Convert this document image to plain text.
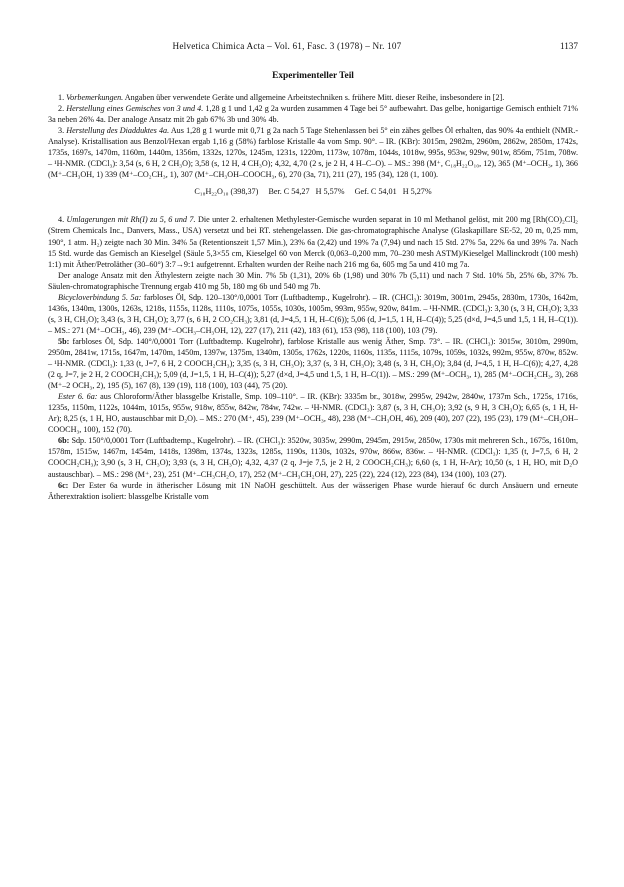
Helvetica Chimica Acta – Vol. 61, Fasc. 3 (1978) – Nr. 107	1137
Experimenteller Teil

1. Vorbemerkungen. Angaben über verwendete Geräte und allgemeine Arbeitstechniken s. frühere Mitt. dieser Reihe, insbesondere in [2].

2. Herstellung eines Gemisches von 3 und 4. 1,28 g 1 und 1,42 g 2a wurden zusammen 4 Tage bei 5° aufbewahrt. Das gelbe, honigartige Gemisch enthielt 71% 3a neben 26% 4a. Der analoge Ansatz mit 2b gab 67% 3b und 30% 4b.

3. Herstellung des Diadduktes 4a. Aus 1,28 g 1 wurde mit 0,71 g 2a nach 5 Tage Stehenlassen bei 5° ein zähes gelbes Öl erhalten, das 90% 4a enthielt (NMR.-Analyse). Kristallisation aus Benzol/Hexan ergab 1,16 g (58%) farblose Kristalle 4a vom Smp. 90°. – IR. (KBr): 3015m, 2982m, 2960m, 2862w, 2850m, 1742s, 1735s, 1697s, 1470m, 1160m, 1440m, 1356m, 1332s, 1270s, 1245m, 1231s, 1220m, 1173w, 1078m, 1044s, 1018w, 995s, 953w, 929w, 901w, 856m, 751m, 708w. – ¹H-NMR. (CDCl₃): 3,54 (s, 6 H, 2 CH₃O); 3,58 (s, 12 H, 4 CH₃O); 4,32, 4,70 (2 s, je 2 H, 4 H–C–O). – MS.: 398 (M⁺, C₁₈H₂₂O₁₀, 12), 365 (M⁺–OCH₃, 1), 366 (M⁺–CH₃OH, 1) 339 (M⁺–CO₂CH₃, 1), 307 (M⁺–CH₃OH–COOCH₃, 6), 270 (3a, 71), 211 (27), 195 (34), 128 (1, 100).

C₁₈H₂₂O₁₀ (398,37)     Ber. C 54,27   H 5,57%     Gef. C 54,01   H 5,27%

4. Umlagerungen mit Rh(I) zu 5, 6 und 7. Die unter 2. erhaltenen Methylester-Gemische wurden separat in 10 ml Methanol gelöst, mit 200 mg [Rh(CO)₂Cl]₂ (Strem Chemicals Inc., Danvers, Mass., USA) versetzt und bei RT. stehengelassen. Die gas-chromatographische Analyse (Glaskapillare SE-52, 20 m, 0,25 mm, 190°, 1 atm. H₂) zeigte nach 30 Min. 34% 5a (Retentionszeit 1,57 Min.), 23% 6a (2,42) und 19% 7a (7,94) und nach 15 Std. 27% 5a, 22% 6a und 39% 7a. Nach 15 Std. wurde das Gemisch an Kieselgel (Säule 5,3×55 cm, Kieselgel 60 von Merck (0,063–0,200 mm, 70–230 mesh ASTM)/Kieselgel Mallinckrodt (100 mesh) 1:1) mit Äther/Petroläther (30–60°) 3:7→9:1 aufgetrennt. Erhalten wurden der Reihe nach 216 mg 6a, 605 mg 5a und 410 mg 7a.

Der analoge Ansatz mit den Äthylestern zeigte nach 30 Min. 7% 5b (1,31), 20% 6b (1,98) und 30% 7b (5,11) und nach 7 Std. 10% 5b, 25% 6b, 37% 7b. Säulen-chromatographische Trennung ergab 410 mg 5b, 180 mg 6b und 540 mg 7b.

Bicycloverbindung 5. 5a: farbloses Öl, Sdp. 120–130°/0,0001 Torr (Luftbadtemp., Kugelrohr). – IR. (CHCl₃): 3019m, 3001m, 2945s, 2830m, 1730s, 1642m, 1436s, 1340m, 1300s, 1263s, 1218s, 1155s, 1128s, 1110s, 1075s, 1055s, 1030s, 1005m, 993m, 955w, 920w, 841m. – ¹H-NMR. (CDCl₃): 3,30 (s, 3 H, CH₃O); 3,33 (s, 3 H, CH₃O); 3,43 (s, 3 H, CH₃O); 3,77 (s, 6 H, 2 CO₂CH₃); 3,81 (d, J=4,5, 1 H, H–C(6)); 5,06 (d, J=1,5, 1 H, H–C(4)); 5,25 (d×d, J=4,5 und 1,5, 1 H, H–C(1)). – MS.: 271 (M⁺–OCH₃, 46), 239 (M⁺–OCH₃–CH₃OH, 12), 227 (17), 211 (42), 183 (61), 153 (98), 118 (100), 103 (79).

5b: farbloses Öl, Sdp. 140°/0,0001 Torr (Luftbadtemp. Kugelrohr), farblose Kristalle aus wenig Äther, Smp. 73°. – IR. (CHCl₃): 3015w, 3010m, 2990m, 2950m, 2841w, 1715s, 1647m, 1470m, 1450m, 1397w, 1375m, 1340m, 1305s, 1762s, 1220s, 1160s, 1135s, 1115s, 1079s, 1059s, 1032s, 992m, 955w, 870w, 852w. – ¹H-NMR. (CDCl₃): 1,33 (t, J=7, 6 H, 2 COOCH₂CH₃); 3,35 (s, 3 H, CH₃O); 3,37 (s, 3 H, CH₃O); 3,48 (s, 3 H, CH₃O); 3,84 (d, J=4,5, 1 H, H–C(6)); 4,27, 4,28 (2 q, J=7, je 2 H, 2 COOCH₂CH₃); 5,09 (d, J=1,5, 1 H, H–C(4)); 5,27 (d×d, J=4,5 und 1,5, 1 H, H–C(1)). – MS.: 299 (M⁺–OCH₃, 1), 285 (M⁺–OCH₂CH₃, 3), 268 (M⁺–2 OCH₃, 2), 195 (5), 167 (8), 139 (19), 118 (100), 103 (44), 75 (20).

Ester 6. 6a: aus Chloroform/Äther blassgelbe Kristalle, Smp. 109–110°. – IR. (KBr): 3335m br., 3018w, 2995w, 2942w, 2840w, 1737m Sch., 1725s, 1716s, 1235s, 1150m, 1122s, 1044m, 1015s, 955w, 918w, 855w, 842w, 784w, 742w. – ¹H-NMR. (CDCl₃): 3,87 (s, 3 H, CH₃O); 3,92 (s, 9 H, 3 CH₃O); 6,65 (s, 1 H, H-Ar); 8,25 (s, 1 H, HO, austauschbar mit D₂O). – MS.: 270 (M⁺, 45), 239 (M⁺–OCH₃, 48), 238 (M⁺–CH₃OH, 46), 209 (40), 207 (22), 195 (23), 179 (M⁺–CH₃OH–COOCH₃, 100), 152 (70).

6b: Sdp. 150°/0,0001 Torr (Luftbadtemp., Kugelrohr). – IR. (CHCl₃): 3520w, 3035w, 2990m, 2945m, 2915w, 2850w, 1730s mit mehreren Sch., 1675s, 1610m, 1578m, 1515w, 1467m, 1454m, 1418s, 1398m, 1374s, 1323s, 1285s, 1190s, 1130s, 1032s, 970w, 866w, 836w. – ¹H-NMR. (CDCl₃): 1,35 (t, J=7,5, 6 H, 2 COOCH₂CH₃); 3,90 (s, 3 H, CH₃O); 3,93 (s, 3 H, CH₃O); 4,32, 4,37 (2 q, J=je 7,5, je 2 H, 2 COOCH₂CH₃); 6,60 (s, 1 H, H-Ar); 10,50 (s, 1 H, HO, mit D₂O austauschbar). – MS.: 298 (M⁺, 23), 251 (M⁺–CH₃CH₂O, 17), 252 (M⁺–CH₃CH₂OH, 27), 225 (22), 224 (12), 223 (84), 134 (100), 103 (27).

6c: Der Ester 6a wurde in ätherischer Lösung mit 1N NaOH geschüttelt. Aus der wässerigen Phase wurde hierauf 6c durch Ansäuern und erneute Ätherextraktion isoliert: blassgelbe Kristalle vom
